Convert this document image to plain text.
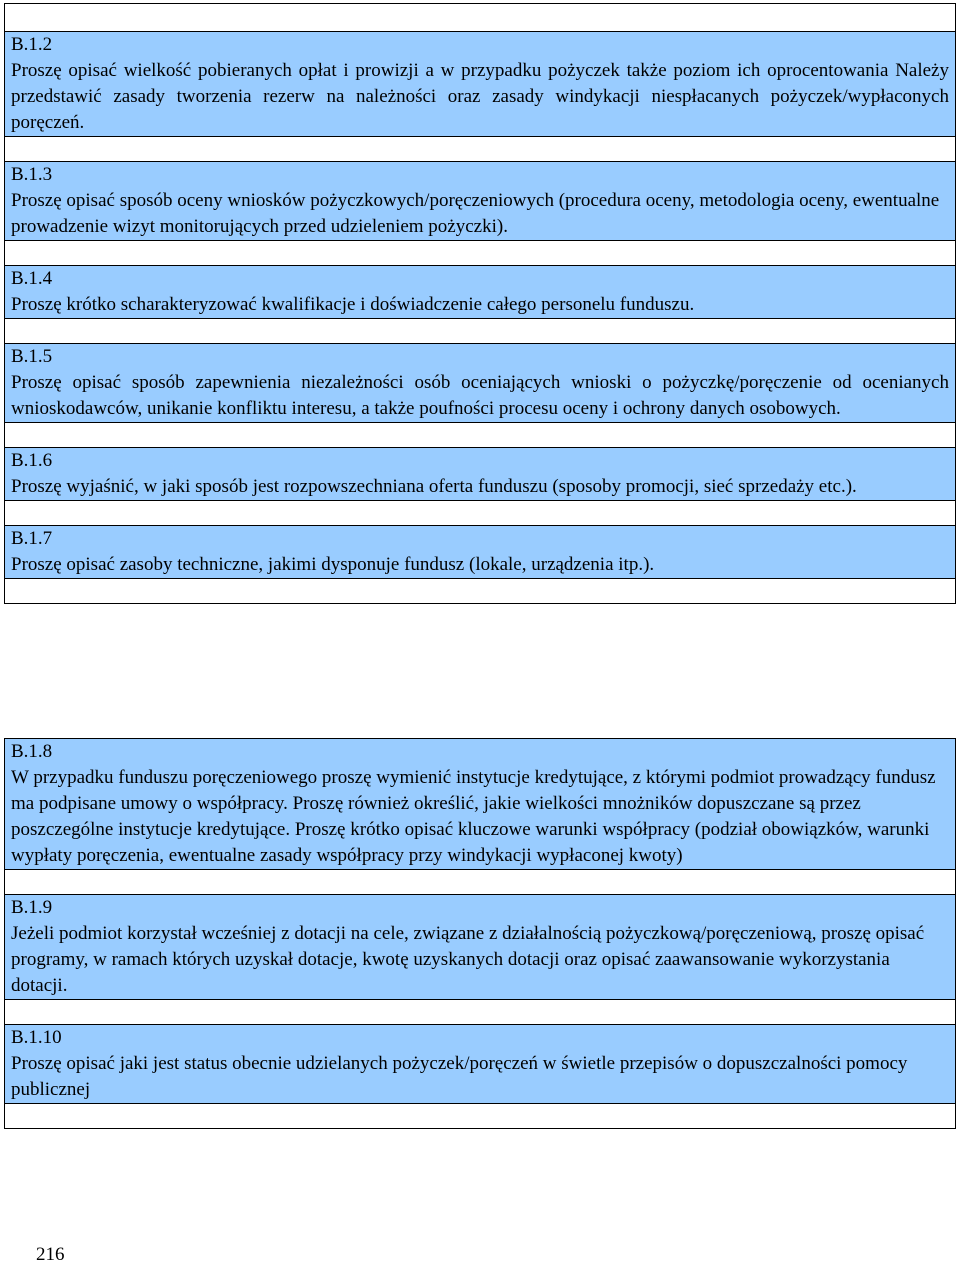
B.1.2
Proszę opisać wielkość pobieranych opłat i prowizji a w przypadku pożyczek także poziom ich oprocentowania Należy przedstawić zasady tworzenia rezerw na należności oraz zasady windykacji niespłacanych pożyczek/wypłaconych poręczeń.

B.1.3
Proszę opisać sposób oceny wniosków pożyczkowych/poręczeniowych (procedura oceny, metodologia oceny, ewentualne prowadzenie wizyt monitorujących przed udzieleniem pożyczki).

B.1.4
Proszę krótko scharakteryzować kwalifikacje i doświadczenie całego personelu funduszu.

B.1.5
Proszę opisać sposób zapewnienia niezależności osób oceniających wnioski o pożyczkę/poręczenie od ocenianych wnioskodawców, unikanie konfliktu interesu, a także poufności procesu oceny i ochrony danych osobowych.

B.1.6
Proszę wyjaśnić, w jaki sposób jest rozpowszechniana oferta funduszu (sposoby promocji, sieć sprzedaży etc.).

B.1.7
Proszę opisać zasoby techniczne, jakimi dysponuje fundusz (lokale, urządzenia itp.).

B.1.8
W przypadku funduszu poręczeniowego proszę wymienić instytucje kredytujące, z którymi podmiot prowadzący fundusz ma podpisane umowy o współpracy. Proszę również określić, jakie wielkości mnożników dopuszczane są przez poszczególne instytucje kredytujące. Proszę krótko opisać kluczowe warunki współpracy (podział obowiązków, warunki wypłaty poręczenia, ewentualne zasady współpracy przy windykacji wypłaconej kwoty)

B.1.9
Jeżeli podmiot korzystał wcześniej z dotacji na cele, związane z działalnością pożyczkową/poręczeniową, proszę opisać programy, w ramach których uzyskał dotacje, kwotę uzyskanych dotacji oraz opisać zaawansowanie wykorzystania dotacji.

B.1.10
Proszę opisać jaki jest status obecnie udzielanych pożyczek/poręczeń w świetle przepisów o dopuszczalności pomocy publicznej

216
